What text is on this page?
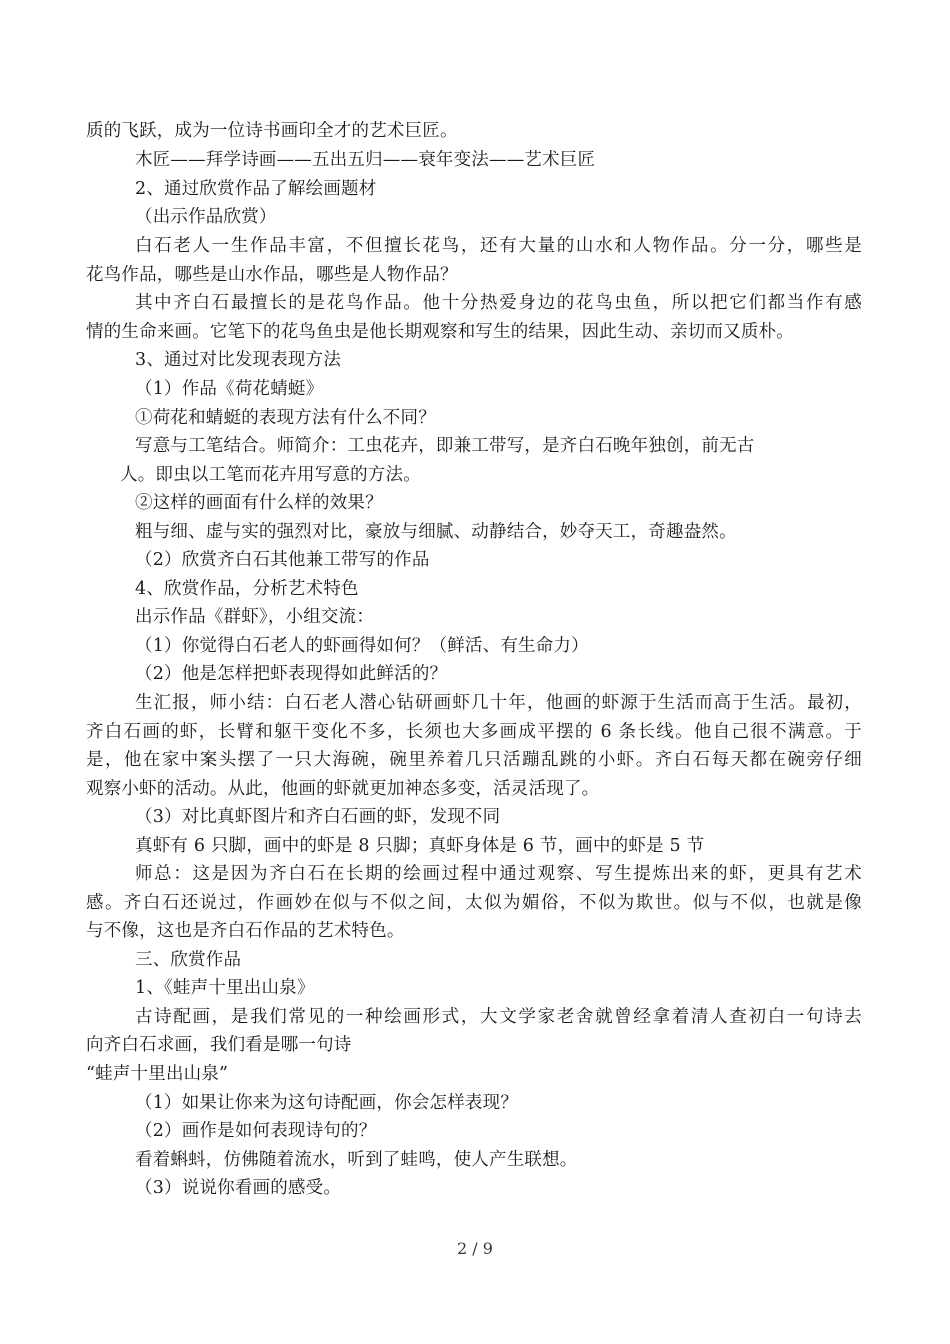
质的飞跃，成为一位诗书画印全才的艺术巨匠。
木匠——拜学诗画——五出五归——衰年变法——艺术巨匠
2、通过欣赏作品了解绘画题材
（出示作品欣赏）
白石老人一生作品丰富，不但擅长花鸟，还有大量的山水和人物作品。分一分，哪些是
花鸟作品，哪些是山水作品，哪些是人物作品？
其中齐白石最擅长的是花鸟作品。他十分热爱身边的花鸟虫鱼，所以把它们都当作有感
情的生命来画。它笔下的花鸟鱼虫是他长期观察和写生的结果，因此生动、亲切而又质朴。
3、通过对比发现表现方法
（1）作品《荷花蜻蜓》
①荷花和蜻蜓的表现方法有什么不同？
写意与工笔结合。师简介：工虫花卉，即兼工带写，是齐白石晚年独创，前无古
人。即虫以工笔而花卉用写意的方法。
②这样的画面有什么样的效果？
粗与细、虚与实的强烈对比，豪放与细腻、动静结合，妙夺天工，奇趣盎然。
（2）欣赏齐白石其他兼工带写的作品
4、欣赏作品，分析艺术特色
出示作品《群虾》，小组交流：
（1）你觉得白石老人的虾画得如何？（鲜活、有生命力）
（2）他是怎样把虾表现得如此鲜活的？
生汇报，师小结：白石老人潜心钻研画虾几十年，他画的虾源于生活而高于生活。最初，
齐白石画的虾，长臂和躯干变化不多，长须也大多画成平摆的 6 条长线。他自己很不满意。于
是，他在家中案头摆了一只大海碗，碗里养着几只活蹦乱跳的小虾。齐白石每天都在碗旁仔细
观察小虾的活动。从此，他画的虾就更加神态多变，活灵活现了。
（3）对比真虾图片和齐白石画的虾，发现不同
真虾有 6 只脚，画中的虾是 8 只脚；真虾身体是 6 节，画中的虾是 5 节
师总：这是因为齐白石在长期的绘画过程中通过观察、写生提炼出来的虾，更具有艺术
感。齐白石还说过，作画妙在似与不似之间，太似为媚俗，不似为欺世。似与不似，也就是像
与不像，这也是齐白石作品的艺术特色。
三、欣赏作品
1、《蛙声十里出山泉》
古诗配画，是我们常见的一种绘画形式，大文学家老舍就曾经拿着清人查初白一句诗去
向齐白石求画，我们看是哪一句诗
“蛙声十里出山泉”
（1）如果让你来为这句诗配画，你会怎样表现？
（2）画作是如何表现诗句的？
看着蝌蚪，仿佛随着流水，听到了蛙鸣，使人产生联想。
（3）说说你看画的感受。
2 / 9
